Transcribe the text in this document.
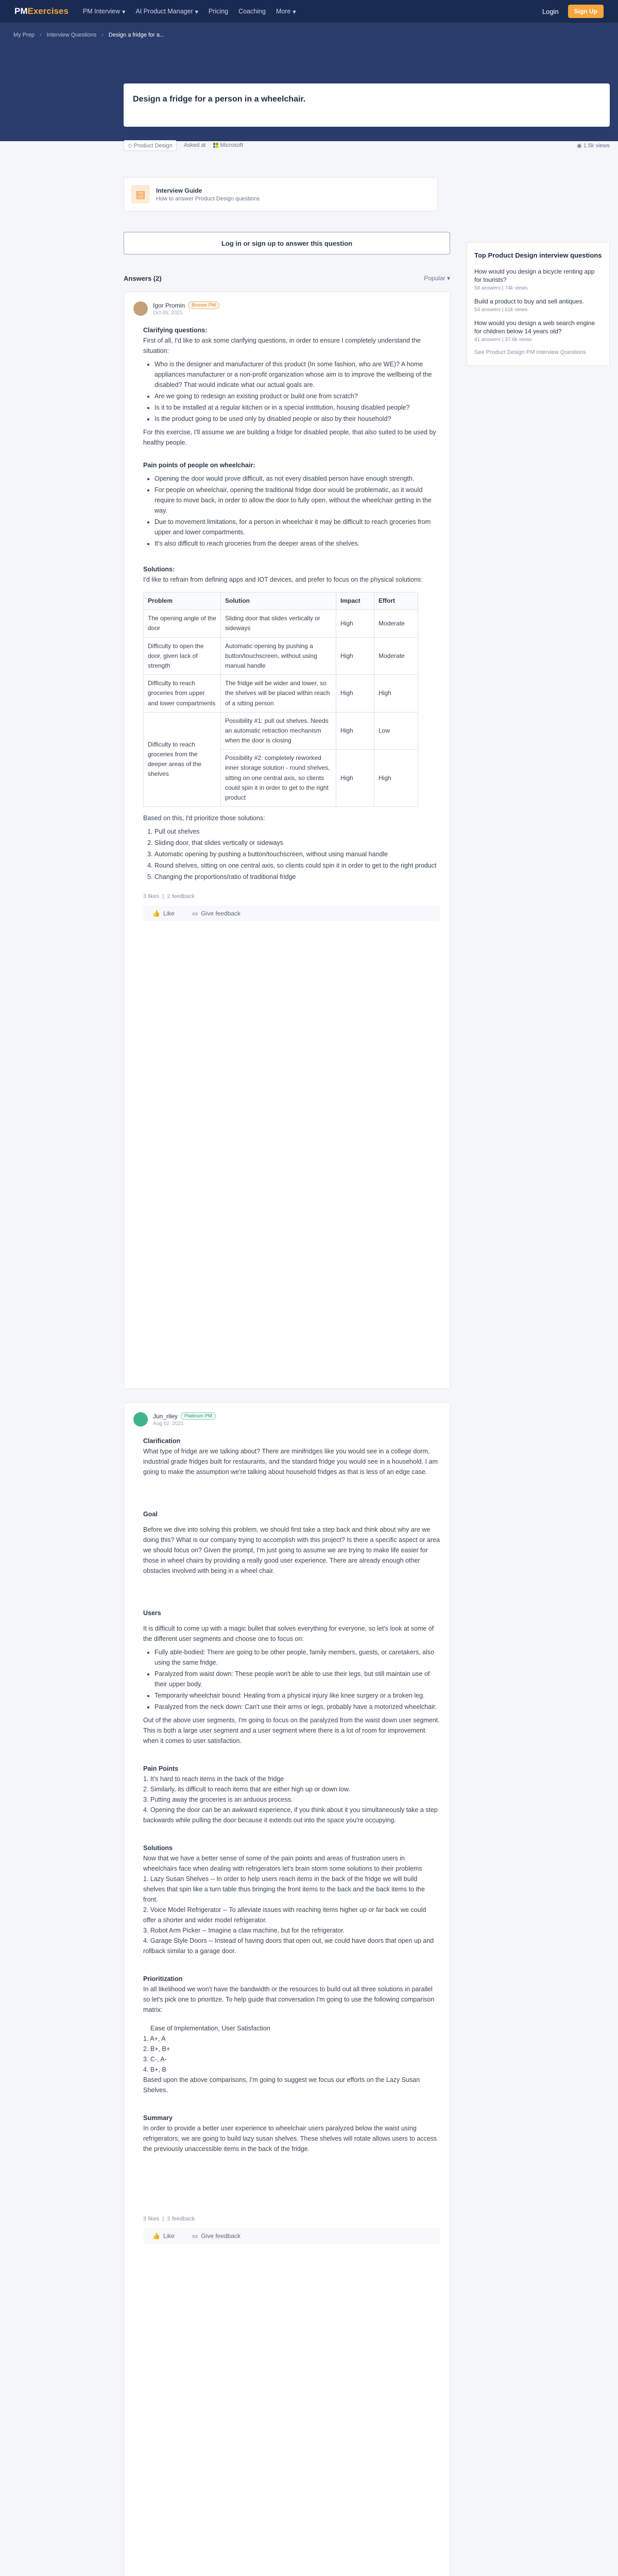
PMExercises PM Interview ▾ AI Product Manager ▾ Pricing Coaching More ▾	Login	Sign Up
My Prep › Interview Questions › Design a fridge for a...
Design a fridge for a person in a wheelchair.
◇ Product Design	Asked at	Microsoft	◉ 1.5k views
▤	Interview Guide
How to answer Product Design questions
Log in or sign up to answer this question
Answers (2)	Popular ▾
Top Product Design interview questions
How would you design a bicycle renting app for tourists?
58 answers | 74k views
Build a product to buy and sell antiques.
54 answers | 61k views
How would you design a web search engine for children below 14 years old?
41 answers | 37.6k views
See Product Design PM interview Questions
Igor Promin	Bronze PM
Oct 05, 2021
Clarifying questions:

First of all, I'd like to ask some clarifying questions, in order to ensure I completely understand the situation:

• Who is the designer and manufacturer of this product (In some fashion, who are WE)? A home appliances manufacturer or a non-profit organization whose aim is to improve the wellbeing of the disabled? That would indicate what our actual goals are.
• Are we going to redesign an existing product or build one from scratch?
• Is it to be installed at a regular kitchen or in a special institution, housing disabled people?
• Is the product going to be used only by disabled people or also by their household?

For this exercise, I'll assume we are building a fridge for disabled people, that also suited to be used by healthy people.

Pain points of people on wheelchair:
• Opening the door would prove difficult, as not every disabled person have enough strength.
• For people on wheelchair, opening the traditional fridge door would be problematic, as it would require to move back, in order to allow the door to fully open, without the wheelchair getting in the way.
• Due to movement limitations, for a person in wheelchair it may be difficult to reach groceries from upper and lower compartments.
• It's also difficult to reach groceries from the deeper areas of the shelves.
Solutions:

I'd like to refrain from defining apps and IOT devices, and prefer to focus on the physical solutions:

Problem	Solution	Impact	Effort
The opening angle of the door	Sliding door that slides vertically or sideways	High	Moderate
Difficulty to open the door, given lack of strength	Automatic opening by pushing a button/touchscreen, without using manual handle	High	Moderate
Difficulty to reach groceries from upper and lower compartments	The fridge will be wider and lower, so the shelves will be placed within reach of a sitting person	High	High
Difficulty to reach groceries from the deeper areas of the shelves	Possibility #1: pull out shelves. Needs an automatic retraction mechanism when the door is closing	High	Low
	Possibility #2: completely reworked inner storage solution - round shelves, sitting on one central axis, so clients could spin it in order to get to the right product	High	High

Based on this, I'd prioritize those solutions:

1. Pull out shelves
2. Sliding door, that slides vertically or sideways
3. Automatic opening by pushing a button/touchscreen, without using manual handle
4. Round shelves, sitting on one central axis, so clients could spin it in order to get to the right product
5. Changing the proportions/ratio of traditional fridge
3 likes  |  2 feedback
👍 Like	▭ Give feedback
Jun_riley	Platinum PM
Aug 02, 2021
Clarification

What type of fridge are we talking about? There are minifridges like you would see in a college dorm, industrial grade fridges built for restaurants, and the standard fridge you would see in a household. I am going to make the assumption we're talking about household fridges as that is less of an edge case.

Goal

Before we dive into solving this problem, we should first take a step back and think about why are we doing this? What is our company trying to accomplish with this project? Is there a specific aspect or area we should focus on? Given the prompt, I'm just going to assume we are trying to make life easier for those in wheel chairs by providing a really good user experience. There are already enough other obstacles involved with being in a wheel chair.

Users

It is difficult to come up with a magic bullet that solves everything for everyone, so let's look at some of the different user segments and choose one to focus on:

• Fully able-bodied: There are going to be other people, family members, guests, or caretakers, also using the same fridge.
• Paralyzed from waist down: These people won't be able to use their legs, but still maintain use of their upper body.
• Temporarily wheelchair bound: Healing from a physical injury like knee surgery or a broken leg.
• Paralyzed from the neck down: Can't use their arms or legs, probably have a motorized wheelchair.

Out of the above user segments, I'm going to focus on the paralyzed from the waist down user segment. This is both a large user segment and a user segment where there is a lot of room for improvement when it comes to user satisfaction.

Pain Points

1. It's hard to reach items in the back of the fridge

2. Similarly, its difficult to reach items that are either high up or down low.

3. Putting away the groceries is an arduous process.

4. Opening the door can be an awkward experience, if you think about it you simultaneously take a step backwards while pulling the door because it extends out into the space you're occupying.

Solutions

Now that we have a better sense of some of the pain points and areas of frustration users in wheelchairs face when dealing with refrigerators let's brain storm some solutions to their problems

1. Lazy Susan Shelves -- In order to help users reach items in the back of the fridge we will build shelves that spin like a turn table thus bringing the front items to the back and the back items to the front.

2. Voice Model Refrigerator -- To alleviate issues with reaching items higher up or far back we could offer a shorter and wider model refrigerator.

3. Robot Arm Picker -- Imagine a claw machine, but for the refrigerator.

4. Garage Style Doors -- Instead of having doors that open out, we could have doors that open up and rollback similar to a garage door.

Prioritization

In all likelihood we won't have the bandwidth or the resources to build out all three solutions in parallel so let's pick one to prioritize. To help guide that conversation I'm going to use the following comparison matrix:

Ease of Implementation, User Satisfaction

1. A+, A

2. B+, B+

3. C-, A-

4. B+, B

Based upon the above comparisons, I'm going to suggest we focus our efforts on the Lazy Susan Shelves.

Summary

In order to provide a better user experience to wheelchair users paralyzed below the waist using refrigerators, we are going to build lazy susan shelves. These shelves will rotate allows users to access the previously unaccessible items in the back of the fridge.

3 likes  |  3 feedback
👍 Like	▭ Give feedback
